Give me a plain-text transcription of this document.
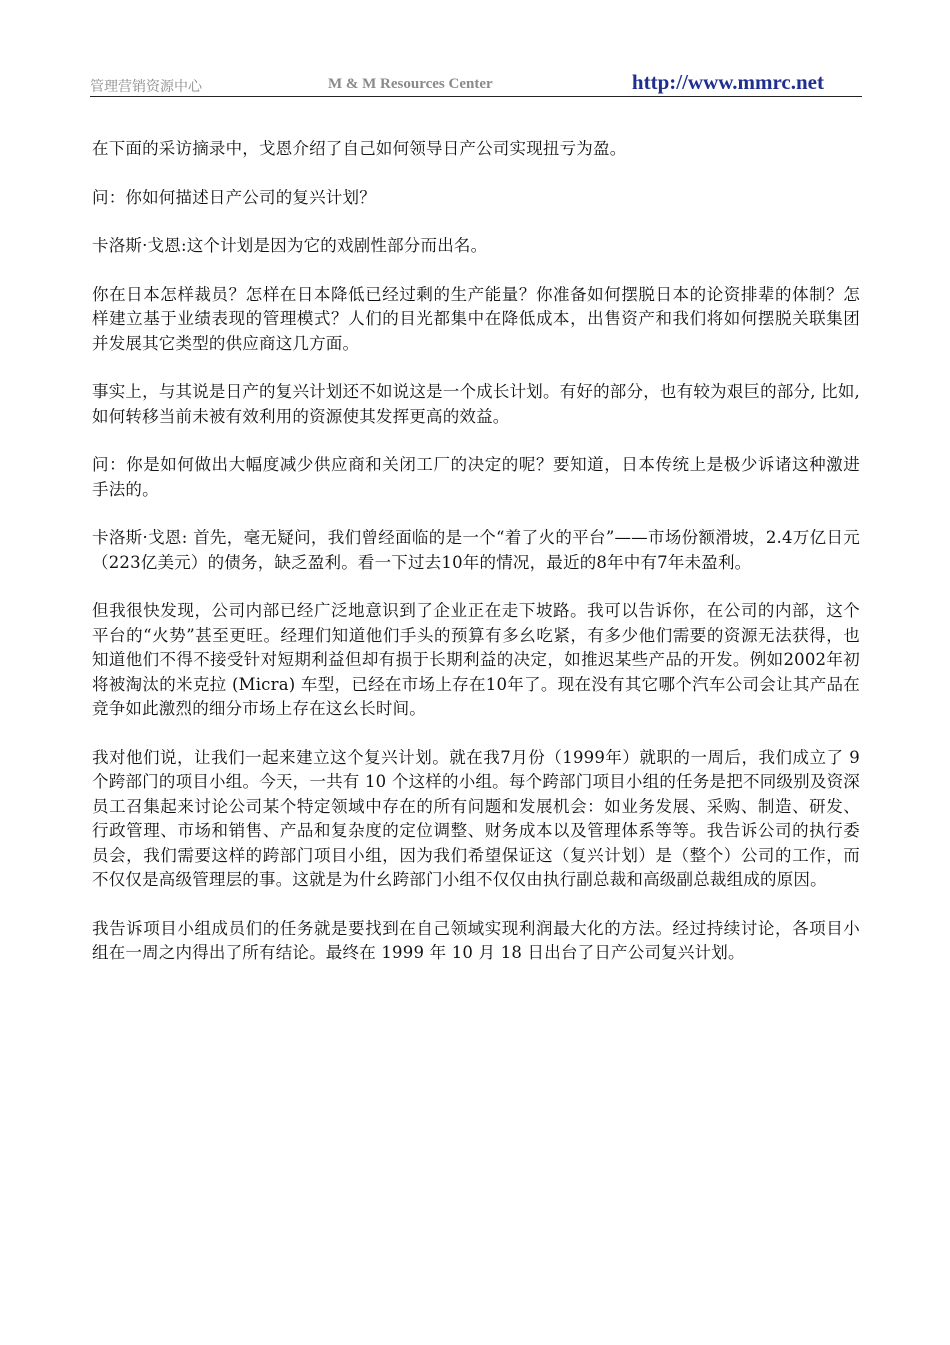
管理营销资源中心	M & M Resources Center	http://www.mmrc.net

在下面的采访摘录中，戈恩介绍了自己如何领导日产公司实现扭亏为盈。

问：你如何描述日产公司的复兴计划？

卡洛斯·戈恩:这个计划是因为它的戏剧性部分而出名。

你在日本怎样裁员？怎样在日本降低已经过剩的生产能量？你准备如何摆脱日本的论资排辈的体制？怎样建立基于业绩表现的管理模式？人们的目光都集中在降低成本，出售资产和我们将如何摆脱关联集团并发展其它类型的供应商这几方面。

事实上，与其说是日产的复兴计划还不如说这是一个成长计划。有好的部分，也有较为艰巨的部分, 比如, 如何转移当前未被有效利用的资源使其发挥更高的效益。

问：你是如何做出大幅度减少供应商和关闭工厂的决定的呢？要知道，日本传统上是极少诉诸这种激进手法的。

卡洛斯·戈恩: 首先，毫无疑问，我们曾经面临的是一个“着了火的平台”——市场份额滑坡，2.4万亿日元（223亿美元）的债务，缺乏盈利。看一下过去10年的情况，最近的8年中有7年未盈利。

但我很快发现，公司内部已经广泛地意识到了企业正在走下坡路。我可以告诉你，在公司的内部，这个平台的“火势”甚至更旺。经理们知道他们手头的预算有多幺吃紧，有多少他们需要的资源无法获得，也知道他们不得不接受针对短期利益但却有损于长期利益的决定，如推迟某些产品的开发。例如2002年初将被淘汰的米克拉 (Micra) 车型，已经在市场上存在10年了。现在没有其它哪个汽车公司会让其产品在竞争如此激烈的细分市场上存在这幺长时间。

我对他们说，让我们一起来建立这个复兴计划。就在我7月份（1999年）就职的一周后，我们成立了 9 个跨部门的项目小组。今天，一共有 10 个这样的小组。每个跨部门项目小组的任务是把不同级别及资深员工召集起来讨论公司某个特定领域中存在的所有问题和发展机会：如业务发展、采购、制造、研发、行政管理、市场和销售、产品和复杂度的定位调整、财务成本以及管理体系等等。我告诉公司的执行委员会，我们需要这样的跨部门项目小组，因为我们希望保证这（复兴计划）是（整个）公司的工作，而不仅仅是高级管理层的事。这就是为什幺跨部门小组不仅仅由执行副总裁和高级副总裁组成的原因。

我告诉项目小组成员们的任务就是要找到在自己领域实现利润最大化的方法。经过持续讨论，各项目小组在一周之内得出了所有结论。最终在 1999 年 10 月 18 日出台了日产公司复兴计划。
